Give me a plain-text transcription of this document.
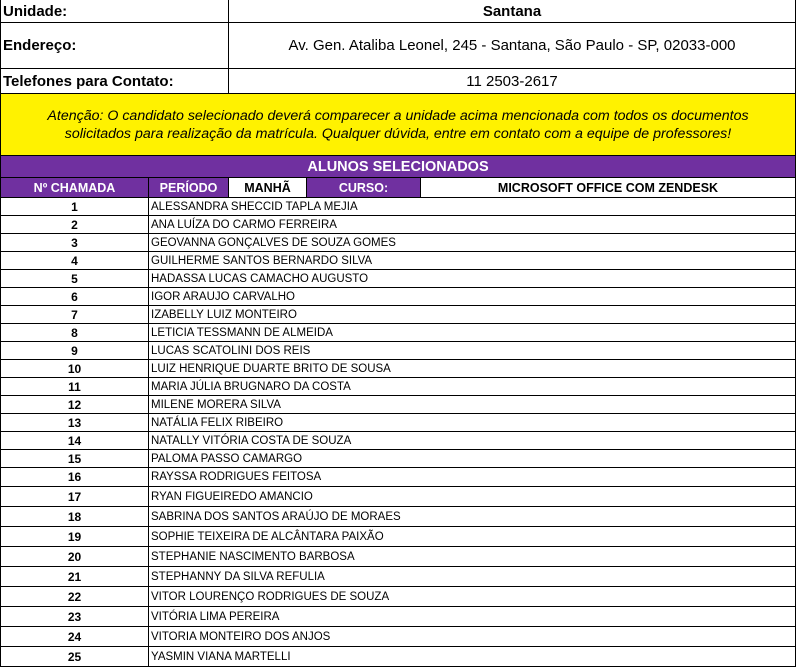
Unidade:	Santana
Endereço:	Av. Gen. Ataliba Leonel, 245 - Santana, São Paulo - SP, 02033-000
Telefones para Contato:	11 2503-2617
Atenção: O candidato selecionado deverá comparecer a unidade acima mencionada com todos os documentos
solicitados para realização da matrícula. Qualquer dúvida, entre em contato com a equipe de professores!
ALUNOS SELECIONADOS
Nº CHAMADA	PERÍODO	MANHÃ	CURSO:	MICROSOFT OFFICE COM ZENDESK
1	ALESSANDRA SHECCID TAPLA MEJIA
2	ANA LUÍZA DO CARMO FERREIRA
3	GEOVANNA GONÇALVES DE SOUZA GOMES
4	GUILHERME SANTOS BERNARDO SILVA
5	HADASSA LUCAS CAMACHO AUGUSTO
6	IGOR ARAUJO CARVALHO
7	IZABELLY LUIZ MONTEIRO
8	LETICIA TESSMANN DE ALMEIDA
9	LUCAS SCATOLINI DOS REIS
10	LUIZ HENRIQUE DUARTE BRITO DE SOUSA
11	MARIA JÚLIA BRUGNARO DA COSTA
12	MILENE MORERA SILVA
13	NATÁLIA FELIX RIBEIRO
14	NATALLY VITÓRIA COSTA DE SOUZA
15	PALOMA PASSO CAMARGO
16	RAYSSA RODRIGUES FEITOSA
17	RYAN FIGUEIREDO AMANCIO
18	SABRINA DOS SANTOS ARAÚJO DE MORAES
19	SOPHIE TEIXEIRA DE ALCÂNTARA PAIXÃO
20	STEPHANIE NASCIMENTO BARBOSA
21	STEPHANNY DA SILVA REFULIA
22	VITOR LOURENÇO RODRIGUES DE SOUZA
23	VITÓRIA LIMA PEREIRA
24	VITORIA MONTEIRO DOS ANJOS
25	YASMIN VIANA MARTELLI
